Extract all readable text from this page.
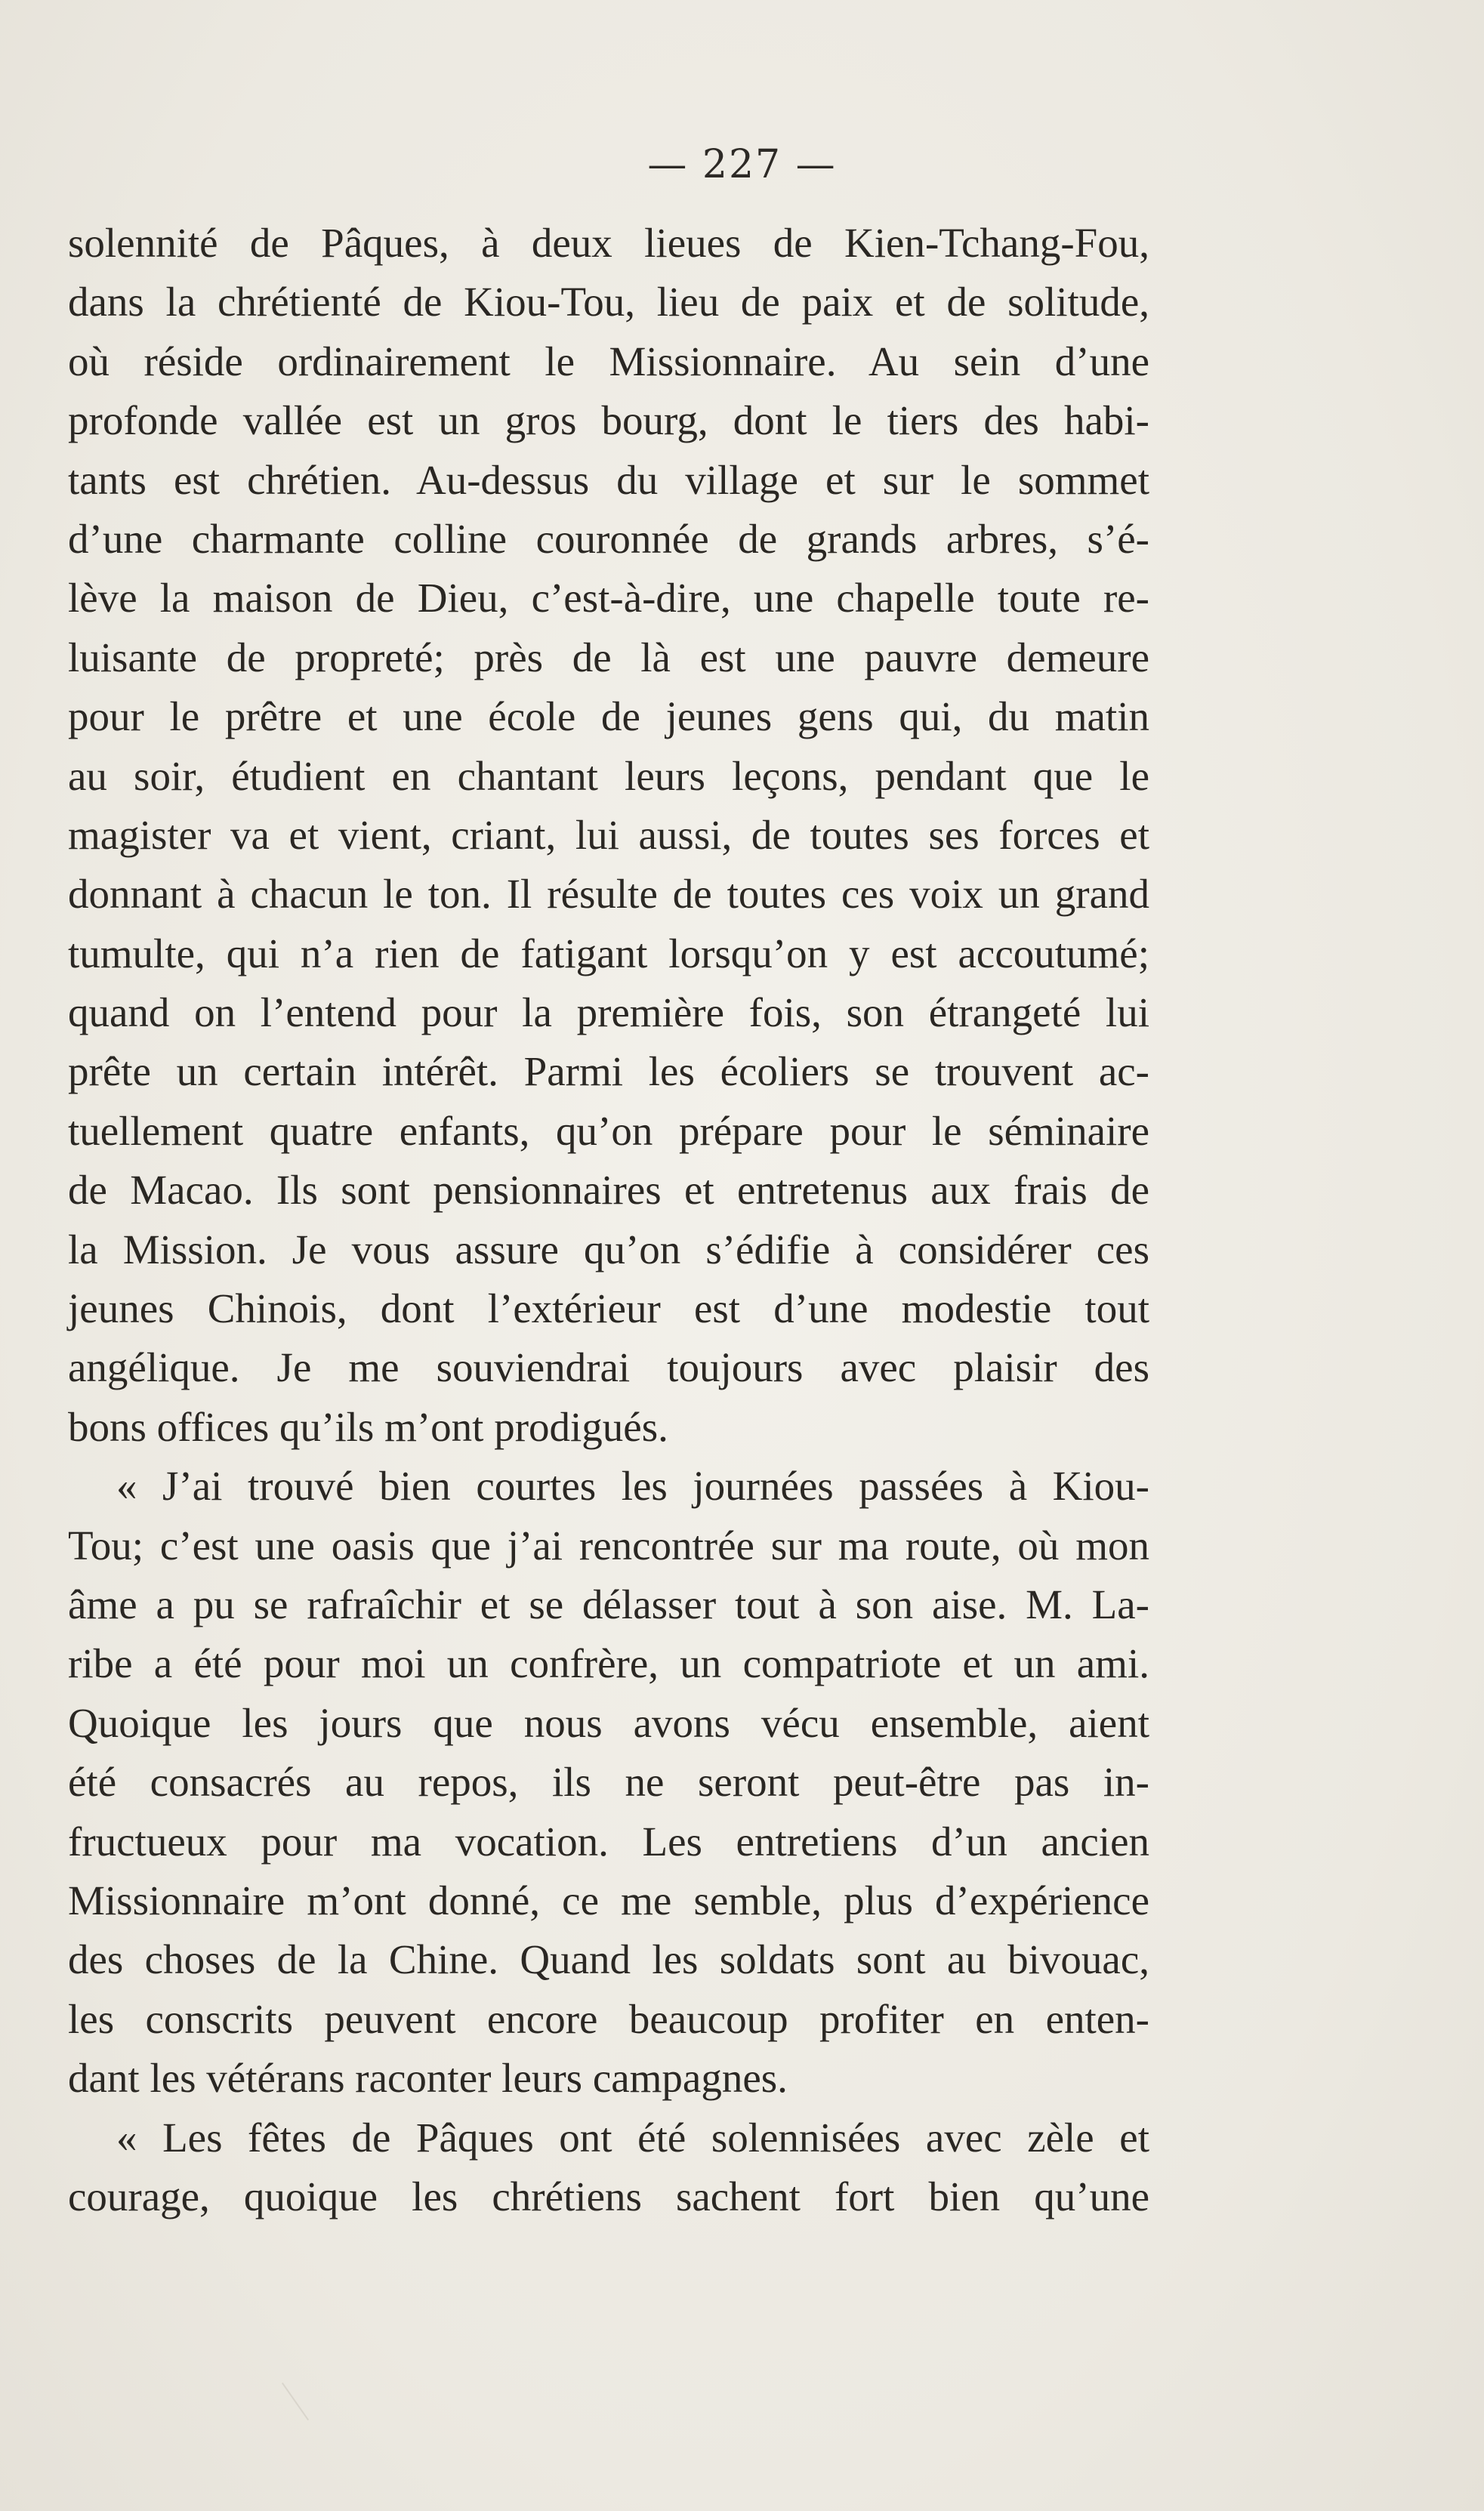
— 227 —
solennité de Pâques, à deux lieues de Kien-Tchang-Fou,
dans la chrétienté de Kiou-Tou, lieu de paix et de solitude,
où réside ordinairement le Missionnaire. Au sein d’une
profonde vallée est un gros bourg, dont le tiers des habi-
tants est chrétien. Au-dessus du village et sur le sommet
d’une charmante colline couronnée de grands arbres, s’é-
lève la maison de Dieu, c’est-à-dire, une chapelle toute re-
luisante de propreté; près de là est une pauvre demeure
pour le prêtre et une école de jeunes gens qui, du matin
au soir, étudient en chantant leurs leçons, pendant que le
magister va et vient, criant, lui aussi, de toutes ses forces et
donnant à chacun le ton. Il résulte de toutes ces voix un grand
tumulte, qui n’a rien de fatigant lorsqu’on y est accoutumé;
quand on l’entend pour la première fois, son étrangeté lui
prête un certain intérêt. Parmi les écoliers se trouvent ac-
tuellement quatre enfants, qu’on prépare pour le séminaire
de Macao. Ils sont pensionnaires et entretenus aux frais de
la Mission. Je vous assure qu’on s’édifie à considérer ces
jeunes Chinois, dont l’extérieur est d’une modestie tout
angélique. Je me souviendrai toujours avec plaisir des
bons offices qu’ils m’ont prodigués.
« J’ai trouvé bien courtes les journées passées à Kiou-
Tou; c’est une oasis que j’ai rencontrée sur ma route, où mon
âme a pu se rafraîchir et se délasser tout à son aise. M. La-
ribe a été pour moi un confrère, un compatriote et un ami.
Quoique les jours que nous avons vécu ensemble, aient
été consacrés au repos, ils ne seront peut-être pas in-
fructueux pour ma vocation. Les entretiens d’un ancien
Missionnaire m’ont donné, ce me semble, plus d’expérience
des choses de la Chine. Quand les soldats sont au bivouac,
les conscrits peuvent encore beaucoup profiter en enten-
dant les vétérans raconter leurs campagnes.
« Les fêtes de Pâques ont été solennisées avec zèle et
courage, quoique les chrétiens sachent fort bien qu’une
